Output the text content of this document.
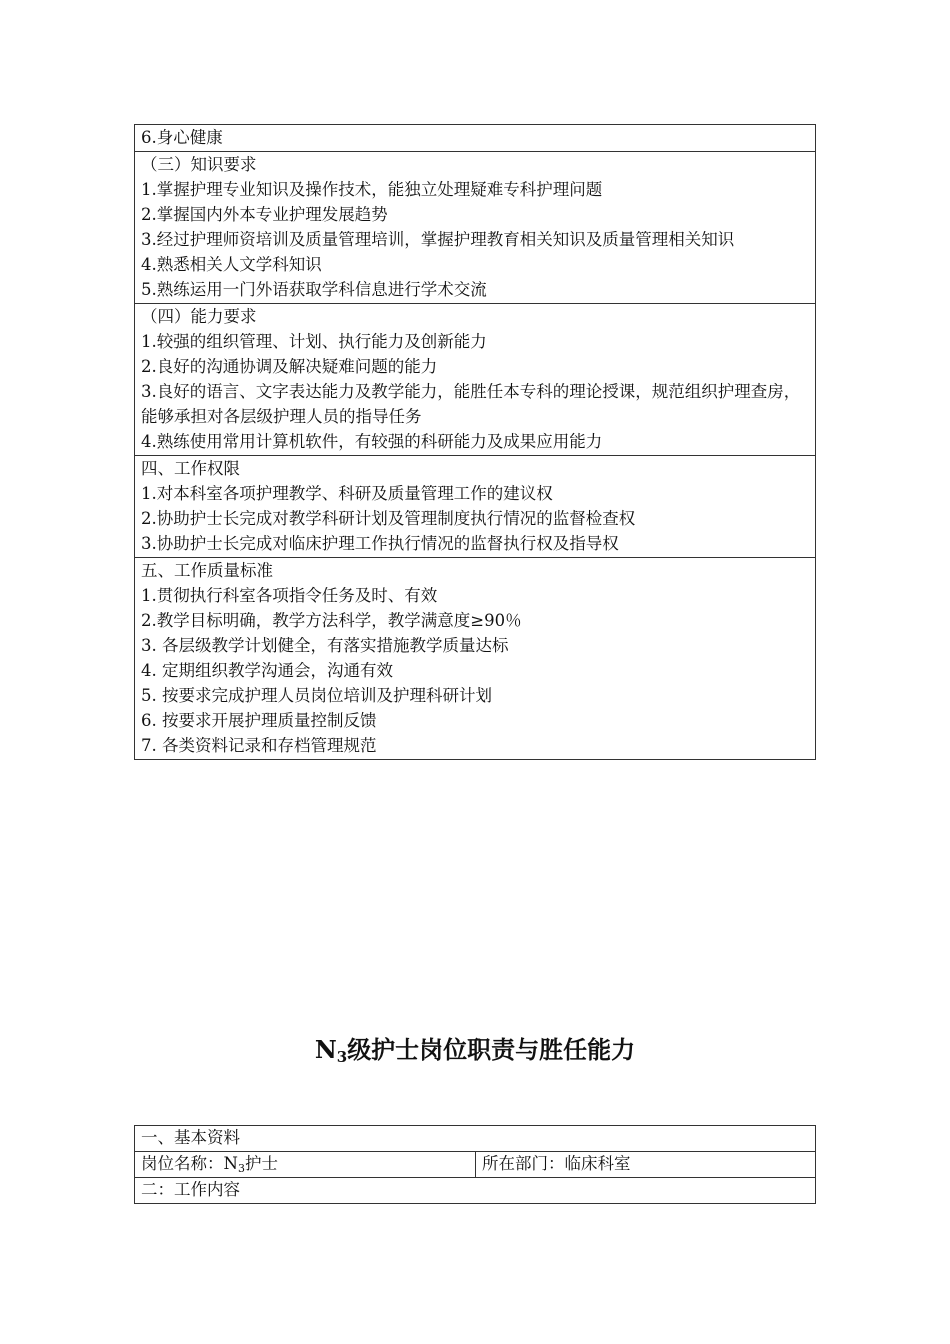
6.身心健康
（三）知识要求
1.掌握护理专业知识及操作技术，能独立处理疑难专科护理问题
2.掌握国内外本专业护理发展趋势
3.经过护理师资培训及质量管理培训，掌握护理教育相关知识及质量管理相关知识
4.熟悉相关人文学科知识
5.熟练运用一门外语获取学科信息进行学术交流
（四）能力要求
1.较强的组织管理、计划、执行能力及创新能力
2.良好的沟通协调及解决疑难问题的能力
3.良好的语言、文字表达能力及教学能力，能胜任本专科的理论授课，规范组织护理查房，能够承担对各层级护理人员的指导任务
4.熟练使用常用计算机软件，有较强的科研能力及成果应用能力
四、工作权限
1.对本科室各项护理教学、科研及质量管理工作的建议权
2.协助护士长完成对教学科研计划及管理制度执行情况的监督检查权
3.协助护士长完成对临床护理工作执行情况的监督执行权及指导权
五、工作质量标准
1.贯彻执行科室各项指令任务及时、有效
2.教学目标明确，教学方法科学，教学满意度≥90％
3. 各层级教学计划健全，有落实措施教学质量达标
4. 定期组织教学沟通会，沟通有效
5. 按要求完成护理人员岗位培训及护理科研计划
6. 按要求开展护理质量控制反馈
7. 各类资料记录和存档管理规范
$N_3$级护士岗位职责与胜任能力
一、基本资料
岗位名称：$N_3$护士	所在部门：临床科室
二：工作内容
